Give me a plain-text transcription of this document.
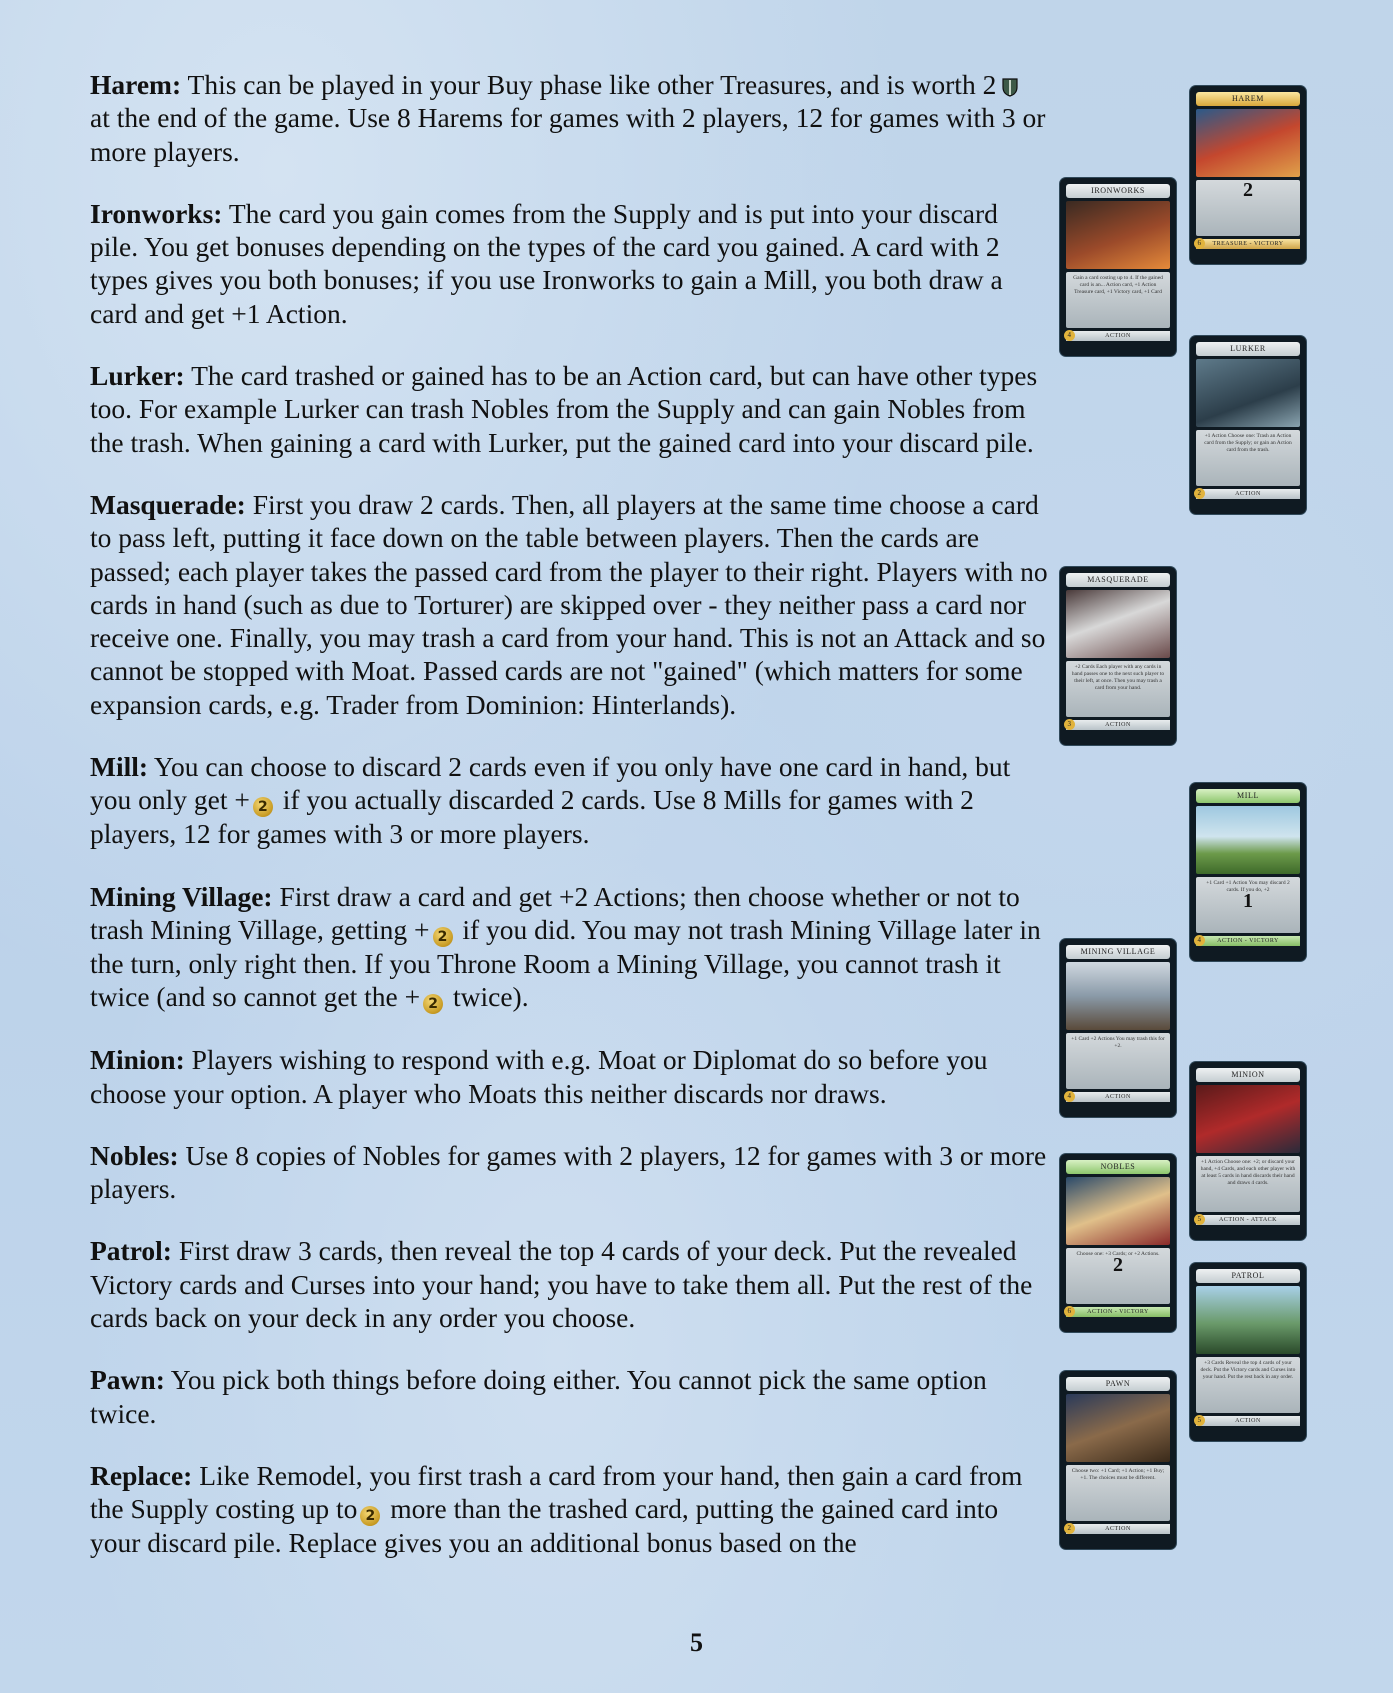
Harem: This can be played in your Buy phase like other Treasures, and is worth 2 at the end of the game. Use 8 Harems for games with 2 players, 12 for games with 3 or more players.
Ironworks: The card you gain comes from the Supply and is put into your discard pile. You get bonuses depending on the types of the card you gained. A card with 2 types gives you both bonuses; if you use Ironworks to gain a Mill, you both draw a card and get +1 Action.
Lurker: The card trashed or gained has to be an Action card, but can have other types too. For example Lurker can trash Nobles from the Supply and can gain Nobles from the trash. When gaining a card with Lurker, put the gained card into your discard pile.
Masquerade: First you draw 2 cards. Then, all players at the same time choose a card to pass left, putting it face down on the table between players. Then the cards are passed; each player takes the passed card from the player to their right. Players with no cards in hand (such as due to Torturer) are skipped over - they neither pass a card nor receive one. Finally, you may trash a card from your hand. This is not an Attack and so cannot be stopped with Moat. Passed cards are not "gained" (which matters for some expansion cards, e.g. Trader from Dominion: Hinterlands).
Mill: You can choose to discard 2 cards even if you only have one card in hand, but you only get + 2 if you actually discarded 2 cards. Use 8 Mills for games with 2 players, 12 for games with 3 or more players.
Mining Village: First draw a card and get +2 Actions; then choose whether or not to trash Mining Village, getting + 2 if you did. You may not trash Mining Village later in the turn, only right then. If you Throne Room a Mining Village, you cannot trash it twice (and so cannot get the + 2 twice).
Minion: Players wishing to respond with e.g. Moat or Diplomat do so before you choose your option. A player who Moats this neither discards nor draws.
Nobles: Use 8 copies of Nobles for games with 2 players, 12 for games with 3 or more players.
Patrol: First draw 3 cards, then reveal the top 4 cards of your deck. Put the revealed Victory cards and Curses into your hand; you have to take them all. Put the rest of the cards back on your deck in any order you choose.
Pawn: You pick both things before doing either. You cannot pick the same option twice.
Replace: Like Remodel, you first trash a card from your hand, then gain a card from the Supply costing up to 2 more than the trashed card, putting the gained card into your discard pile. Replace gives you an additional bonus based on the
5
HAREM
2
6	TREASURE - VICTORY
IRONWORKS
Gain a card costing up to 4. If the gained card is an... Action card, +1 Action Treasure card, +1 Victory card, +1 Card
4	ACTION
LURKER
+1 Action Choose one: Trash an Action card from the Supply; or gain an Action card from the trash.
2	ACTION
MASQUERADE
+2 Cards Each player with any cards in hand passes one to the next such player to their left, at once. Then you may trash a card from your hand.
3	ACTION
MILL
+1 Card +1 Action You may discard 2 cards. If you do, +2
1
4	ACTION - VICTORY
MINING VILLAGE
+1 Card +2 Actions You may trash this for +2.
4	ACTION
MINION
+1 Action Choose one: +2; or discard your hand, +4 Cards, and each other player with at least 5 cards in hand discards their hand and draws 4 cards.
5	ACTION - ATTACK
NOBLES
Choose one: +3 Cards; or +2 Actions.
2
6	ACTION - VICTORY
PATROL
+3 Cards Reveal the top 4 cards of your deck. Put the Victory cards and Curses into your hand. Put the rest back in any order.
5	ACTION
PAWN
Choose two: +1 Card; +1 Action; +1 Buy; +1. The choices must be different.
2	ACTION
